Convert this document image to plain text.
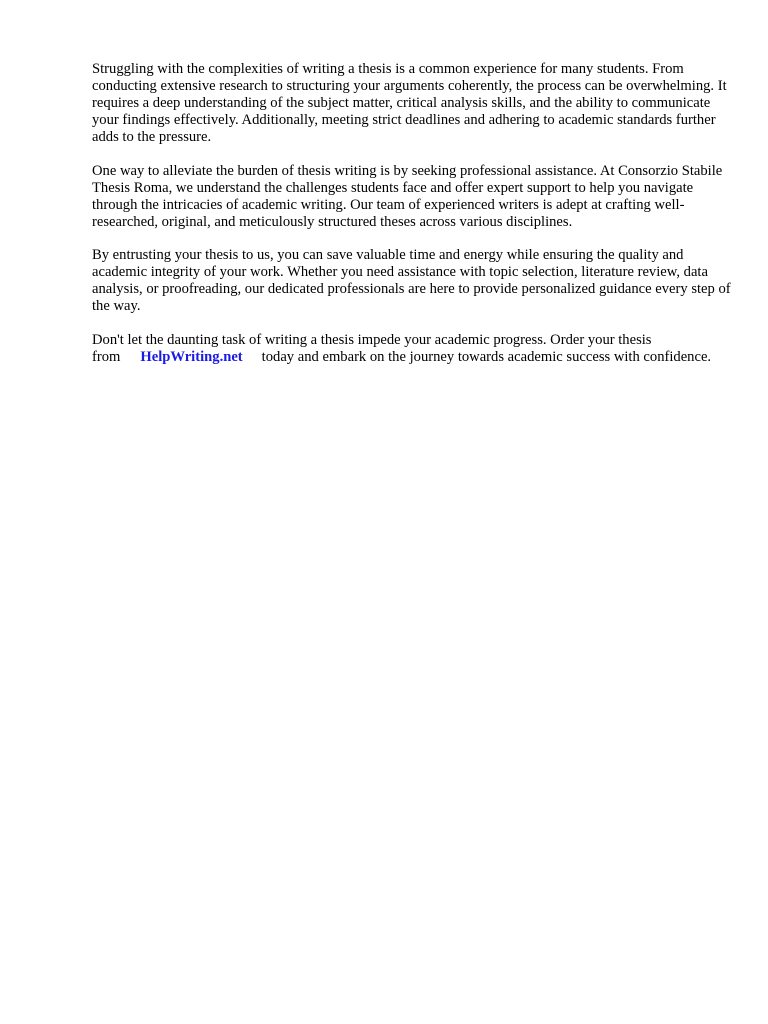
Struggling with the complexities of writing a thesis is a common experience for many students. From conducting extensive research to structuring your arguments coherently, the process can be overwhelming. It requires a deep understanding of the subject matter, critical analysis skills, and the ability to communicate your findings effectively. Additionally, meeting strict deadlines and adhering to academic standards further adds to the pressure.

One way to alleviate the burden of thesis writing is by seeking professional assistance. At Consorzio Stabile Thesis Roma, we understand the challenges students face and offer expert support to help you navigate through the intricacies of academic writing. Our team of experienced writers is adept at crafting well-researched, original, and meticulously structured theses across various disciplines.

By entrusting your thesis to us, you can save valuable time and energy while ensuring the quality and academic integrity of your work. Whether you need assistance with topic selection, literature review, data analysis, or proofreading, our dedicated professionals are here to provide personalized guidance every step of the way.

Don't let the daunting task of writing a thesis impede your academic progress. Order your thesis from HelpWriting.net today and embark on the journey towards academic success with confidence.
